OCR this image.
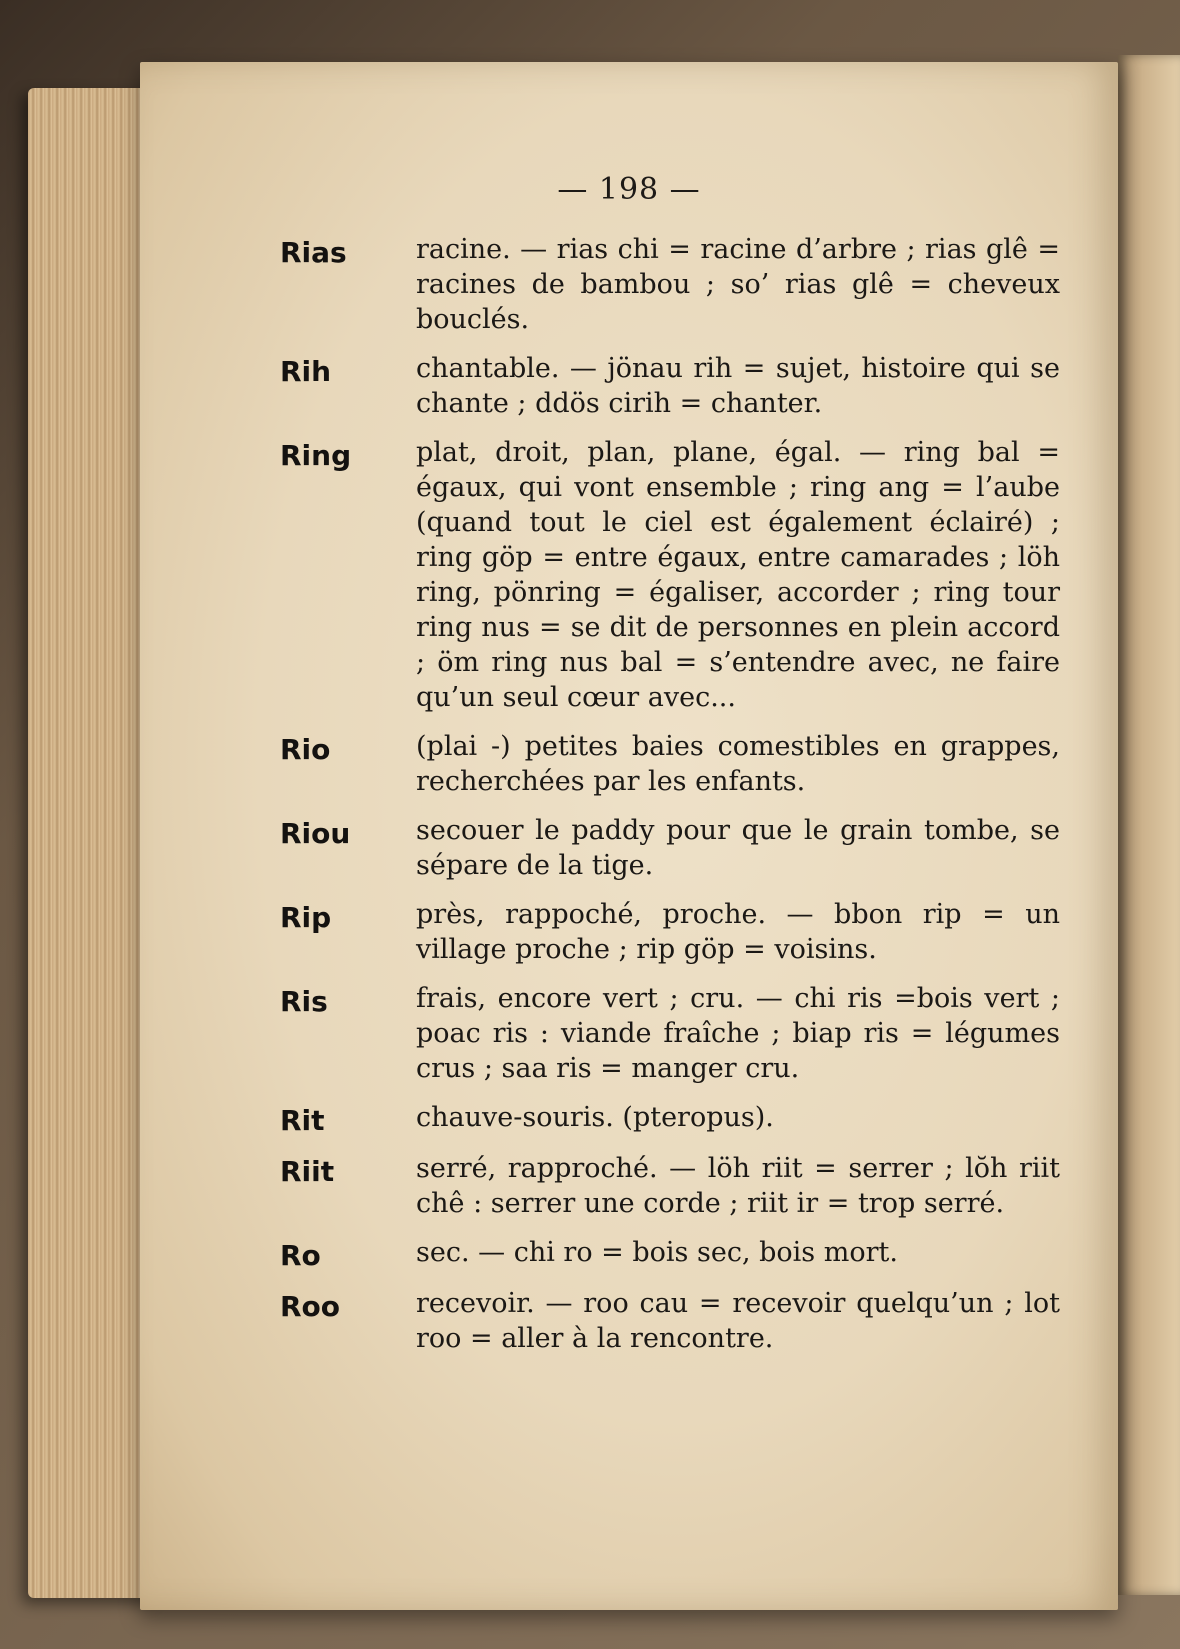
— 198 —
Rias	racine. — rias chi = racine d’arbre ; rias glê = racines de bambou ; so’ rias glê = cheveux bouclés.
Rih	chantable. — jönau rih = sujet, histoire qui se chante ; ddös cirih = chanter.
Ring	plat, droit, plan, plane, égal. — ring bal = égaux, qui vont ensemble ; ring ang = l’aube (quand tout le ciel est également éclairé) ; ring göp = entre égaux, entre camarades ; löh ring, pönring = égaliser, accorder ; ring tour ring nus = se dit de personnes en plein accord ; öm ring nus bal = s’entendre avec, ne faire qu’un seul cœur avec...
Rio	(plai -) petites baies comestibles en grappes, recherchées par les enfants.
Riou	secouer le paddy pour que le grain tombe, se sépare de la tige.
Rip	près, rappoché, proche. — bbon rip = un village proche ; rip göp = voisins.
Ris	frais, encore vert ; cru. — chi ris =bois vert ; poac ris : viande fraîche ; biap ris = légumes crus ; saa ris = manger cru.
Rit	chauve-souris. (pteropus).
Riit	serré, rapproché. — löh riit = serrer ; lŏh riit chê : serrer une corde ; riit ir = trop serré.
Ro	sec. — chi ro = bois sec, bois mort.
Roo	recevoir. — roo cau = recevoir quelqu’un ; lot roo = aller à la rencontre.
